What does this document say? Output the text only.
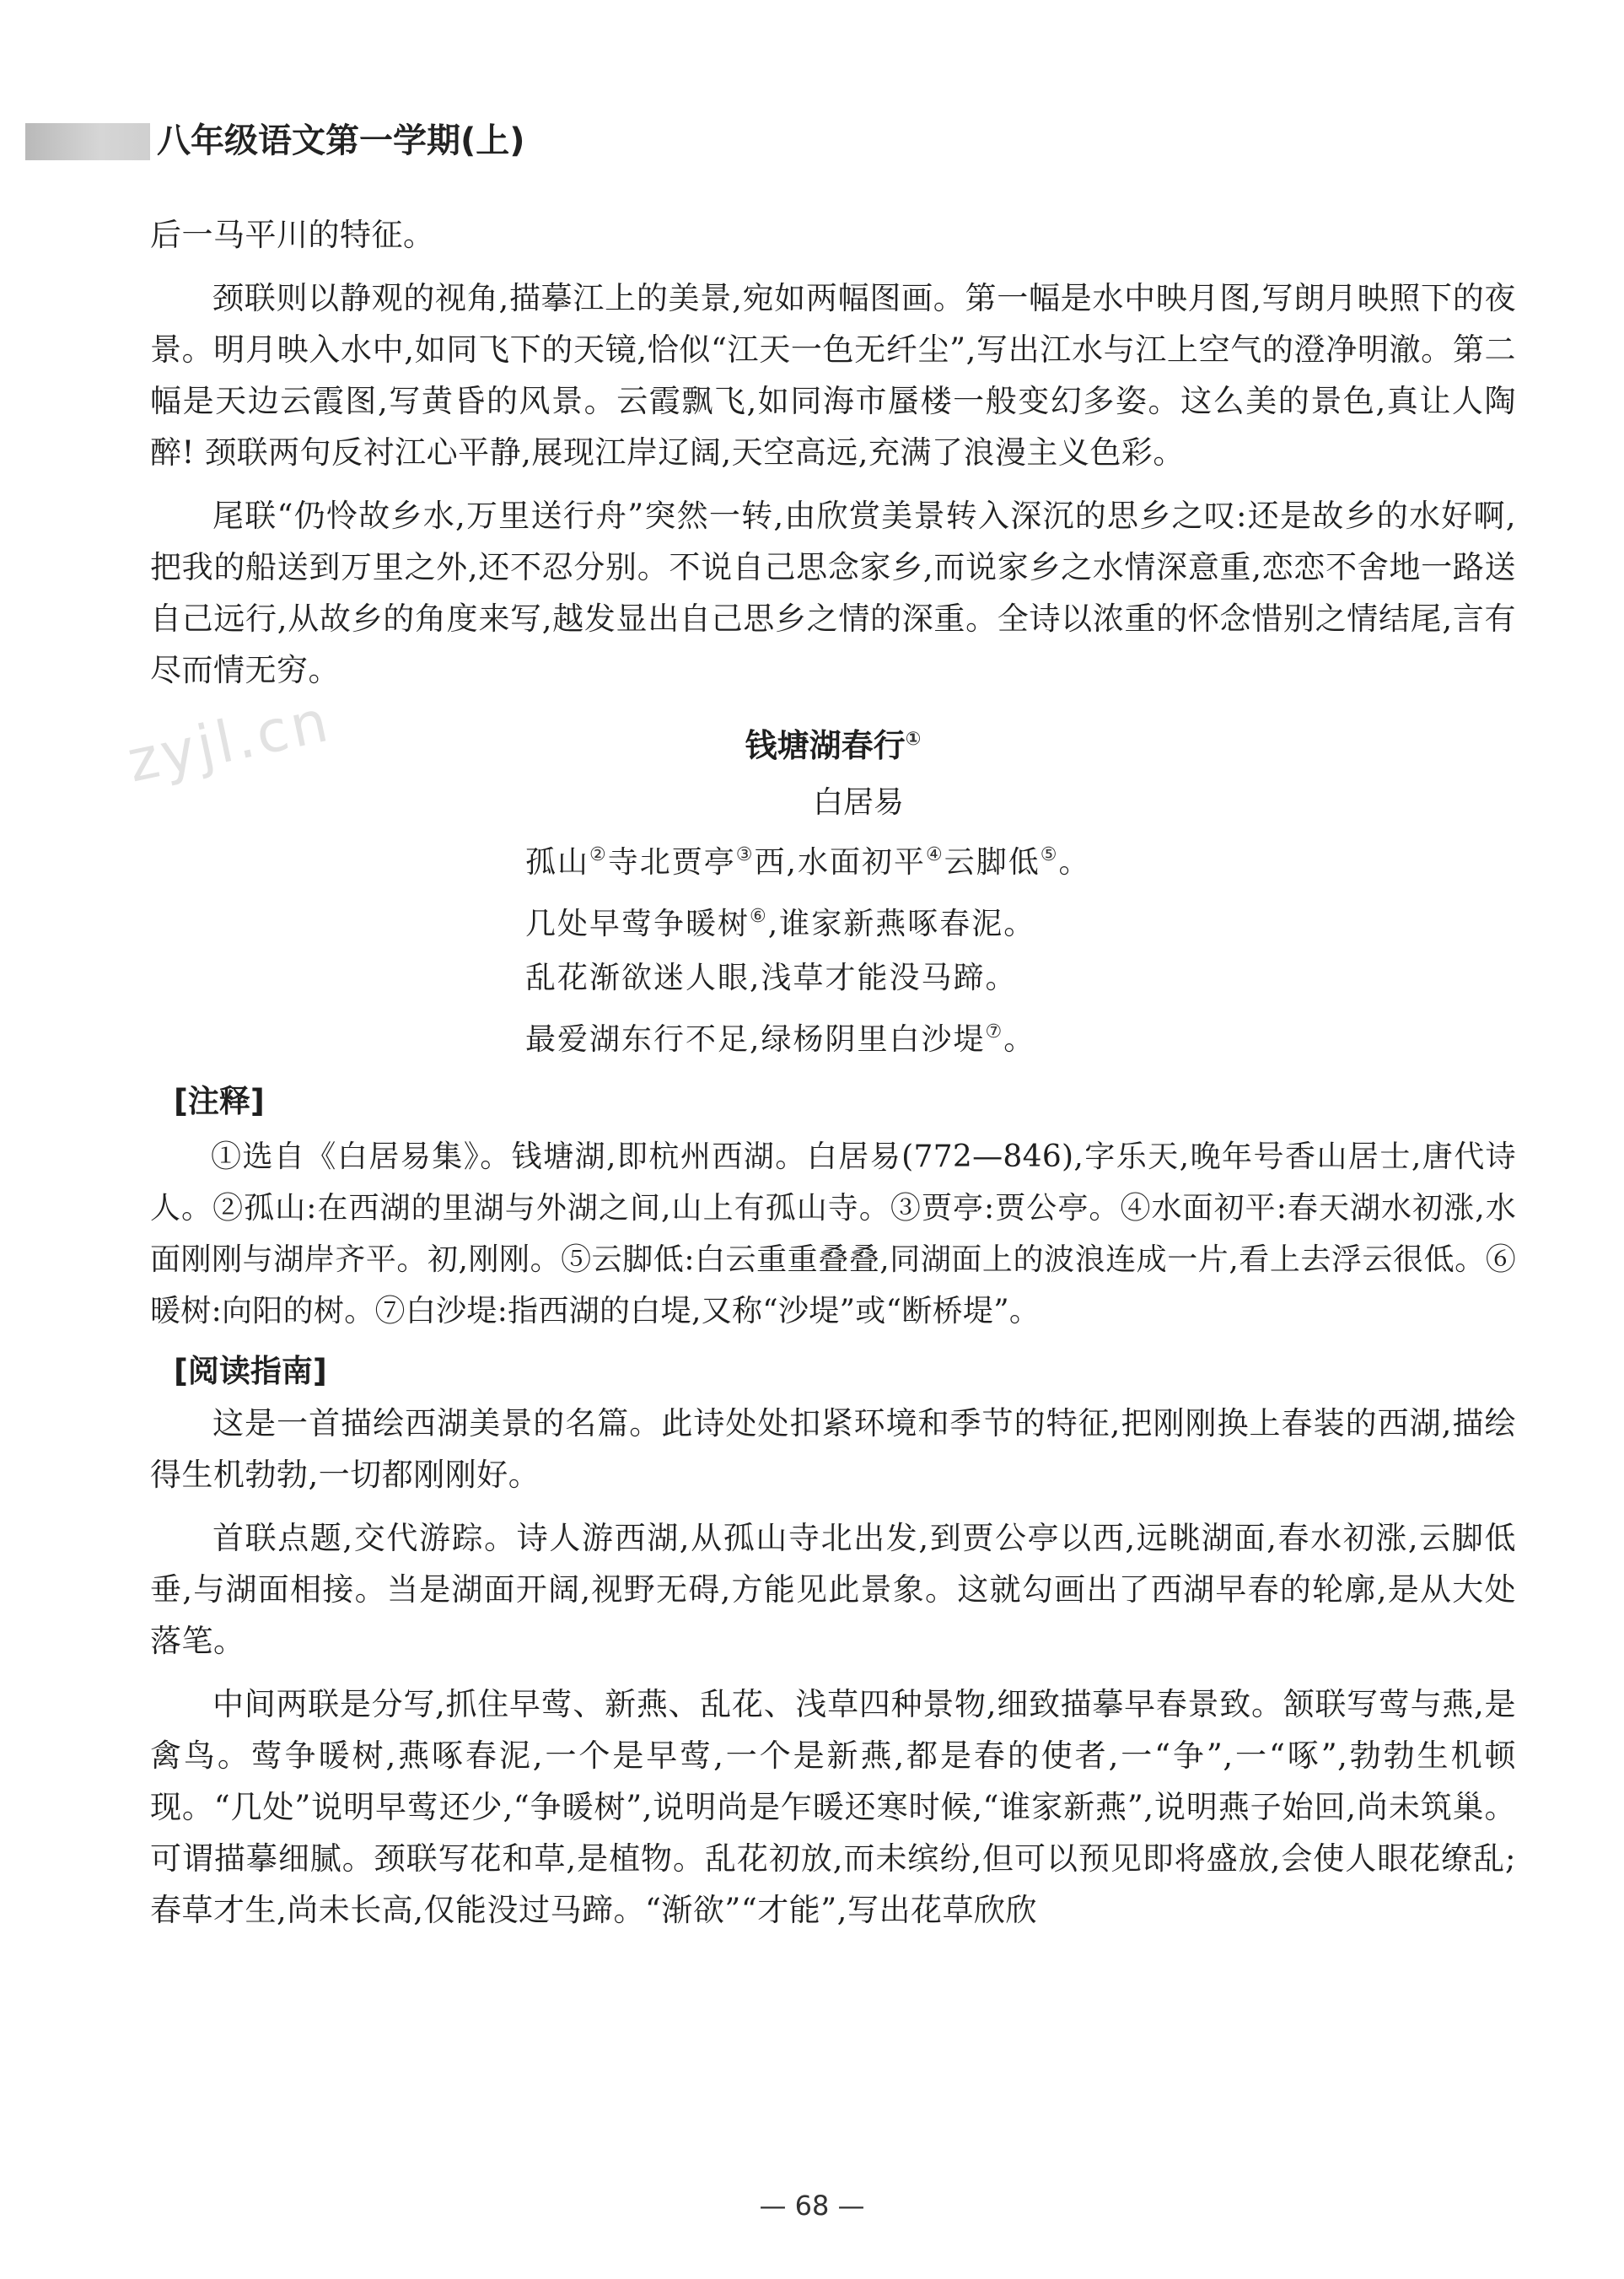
八年级语文第一学期(上)
zyjl.cn

后一马平川的特征。

颈联则以静观的视角,描摹江上的美景,宛如两幅图画。第一幅是水中映月图,写朗月映照下的夜景。明月映入水中,如同飞下的天镜,恰似“江天一色无纤尘”,写出江水与江上空气的澄净明澈。第二幅是天边云霞图,写黄昏的风景。云霞飘飞,如同海市蜃楼一般变幻多姿。这么美的景色,真让人陶醉! 颈联两句反衬江心平静,展现江岸辽阔,天空高远,充满了浪漫主义色彩。

尾联“仍怜故乡水,万里送行舟”突然一转,由欣赏美景转入深沉的思乡之叹:还是故乡的水好啊,把我的船送到万里之外,还不忍分别。不说自己思念家乡,而说家乡之水情深意重,恋恋不舍地一路送自己远行,从故乡的角度来写,越发显出自己思乡之情的深重。全诗以浓重的怀念惜别之情结尾,言有尽而情无穷。

钱塘湖春行①
白居易
孤山②寺北贾亭③西,水面初平④云脚低⑤。
几处早莺争暖树⑥,谁家新燕啄春泥。
乱花渐欲迷人眼,浅草才能没马蹄。
最爱湖东行不足,绿杨阴里白沙堤⑦。
[注释]

①选自《白居易集》。钱塘湖,即杭州西湖。白居易(772—846),字乐天,晚年号香山居士,唐代诗人。②孤山:在西湖的里湖与外湖之间,山上有孤山寺。③贾亭:贾公亭。④水面初平:春天湖水初涨,水面刚刚与湖岸齐平。初,刚刚。⑤云脚低:白云重重叠叠,同湖面上的波浪连成一片,看上去浮云很低。⑥暖树:向阳的树。⑦白沙堤:指西湖的白堤,又称“沙堤”或“断桥堤”。

[阅读指南]

这是一首描绘西湖美景的名篇。此诗处处扣紧环境和季节的特征,把刚刚换上春装的西湖,描绘得生机勃勃,一切都刚刚好。

首联点题,交代游踪。诗人游西湖,从孤山寺北出发,到贾公亭以西,远眺湖面,春水初涨,云脚低垂,与湖面相接。当是湖面开阔,视野无碍,方能见此景象。这就勾画出了西湖早春的轮廓,是从大处落笔。

中间两联是分写,抓住早莺、新燕、乱花、浅草四种景物,细致描摹早春景致。颔联写莺与燕,是禽鸟。莺争暖树,燕啄春泥,一个是早莺,一个是新燕,都是春的使者,一“争”,一“啄”,勃勃生机顿现。“几处”说明早莺还少,“争暖树”,说明尚是乍暖还寒时候,“谁家新燕”,说明燕子始回,尚未筑巢。可谓描摹细腻。颈联写花和草,是植物。乱花初放,而未缤纷,但可以预见即将盛放,会使人眼花缭乱;春草才生,尚未长高,仅能没过马蹄。“渐欲”“才能”,写出花草欣欣

— 68 —
